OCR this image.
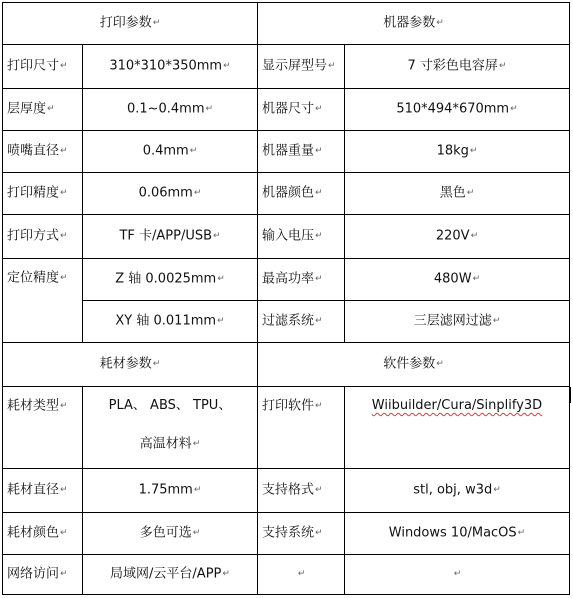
打印参数↵		机器参数↵	
打印尺寸↵	310*310*350mm↵	显示屏型号↵	7 寸彩色电容屏↵
层厚度↵	0.1~0.4mm↵	机器尺寸↵	510*494*670mm↵
喷嘴直径↵	0.4mm↵	机器重量↵	18kg↵
打印精度↵	0.06mm↵	机器颜色↵	黑色↵
打印方式↵	TF 卡/APP/USB↵	输入电压↵	220V↵
定位精度↵	Z 轴 0.0025mm↵	最高功率↵	480W↵
	XY 轴 0.011mm↵	过滤系统↵	三层滤网过滤↵
耗材参数↵		软件参数↵	
耗材类型↵	PLA、 ABS、 TPU、高温材料↵	打印软件↵	Wiibuilder/Cura/Sinplify3D
耗材直径↵	1.75mm↵	支持格式↵	stl, obj, w3d↵
耗材颜色↵	多色可选↵	支持系统↵	Windows 10/MacOS↵
网络访问↵	局域网/云平台/APP↵	↵	↵
